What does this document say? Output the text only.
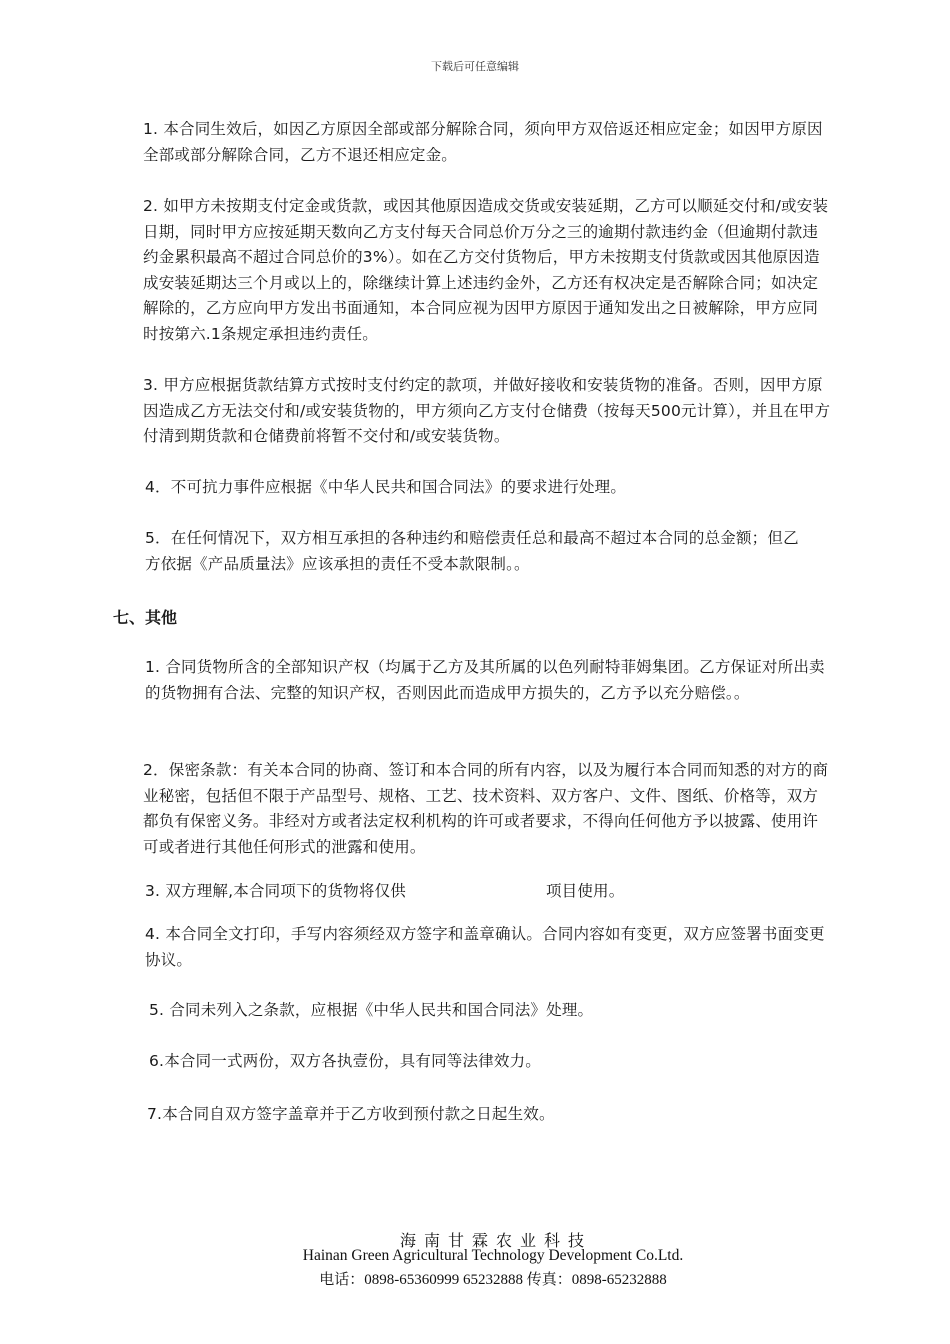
下载后可任意编辑
1. 本合同生效后，如因乙方原因全部或部分解除合同，须向甲方双倍返还相应定金；如因甲方原因全部或部分解除合同，乙方不退还相应定金。
2. 如甲方未按期支付定金或货款，或因其他原因造成交货或安装延期，乙方可以顺延交付和/或安装日期，同时甲方应按延期天数向乙方支付每天合同总价万分之三的逾期付款违约金（但逾期付款违约金累积最高不超过合同总价的3%）。如在乙方交付货物后，甲方未按期支付货款或因其他原因造成安装延期达三个月或以上的，除继续计算上述违约金外，乙方还有权决定是否解除合同；如决定解除的，乙方应向甲方发出书面通知，本合同应视为因甲方原因于通知发出之日被解除，甲方应同时按第六.1条规定承担违约责任。
3. 甲方应根据货款结算方式按时支付约定的款项，并做好接收和安装货物的准备。否则，因甲方原因造成乙方无法交付和/或安装货物的，甲方须向乙方支付仓储费（按每天500元计算），并且在甲方付清到期货款和仓储费前将暂不交付和/或安装货物。
4．不可抗力事件应根据《中华人民共和国合同法》的要求进行处理。
5．在任何情况下，双方相互承担的各种违约和赔偿责任总和最高不超过本合同的总金额；但乙方依据《产品质量法》应该承担的责任不受本款限制。。
七、其他
1. 合同货物所含的全部知识产权（均属于乙方及其所属的以色列耐特菲姆集团。乙方保证对所出卖的货物拥有合法、完整的知识产权，否则因此而造成甲方损失的，乙方予以充分赔偿。。
2．保密条款：有关本合同的协商、签订和本合同的所有内容，以及为履行本合同而知悉的对方的商业秘密，包括但不限于产品型号、规格、工艺、技术资料、双方客户、文件、图纸、价格等，双方都负有保密义务。非经对方或者法定权利机构的许可或者要求，不得向任何他方予以披露、使用许可或者进行其他任何形式的泄露和使用。
3. 双方理解,本合同项下的货物将仅供	项目使用。
4. 本合同全文打印，手写内容须经双方签字和盖章确认。合同内容如有变更，双方应签署书面变更协议。
5. 合同未列入之条款，应根据《中华人民共和国合同法》处理。
6.本合同一式两份，双方各执壹份，具有同等法律效力。
7.本合同自双方签字盖章并于乙方收到预付款之日起生效。
海 南 甘 霖 农 业 科 技
Hainan Green Agricultural Technology Development Co.Ltd.
电话：0898-65360999 65232888 传真：0898-65232888
